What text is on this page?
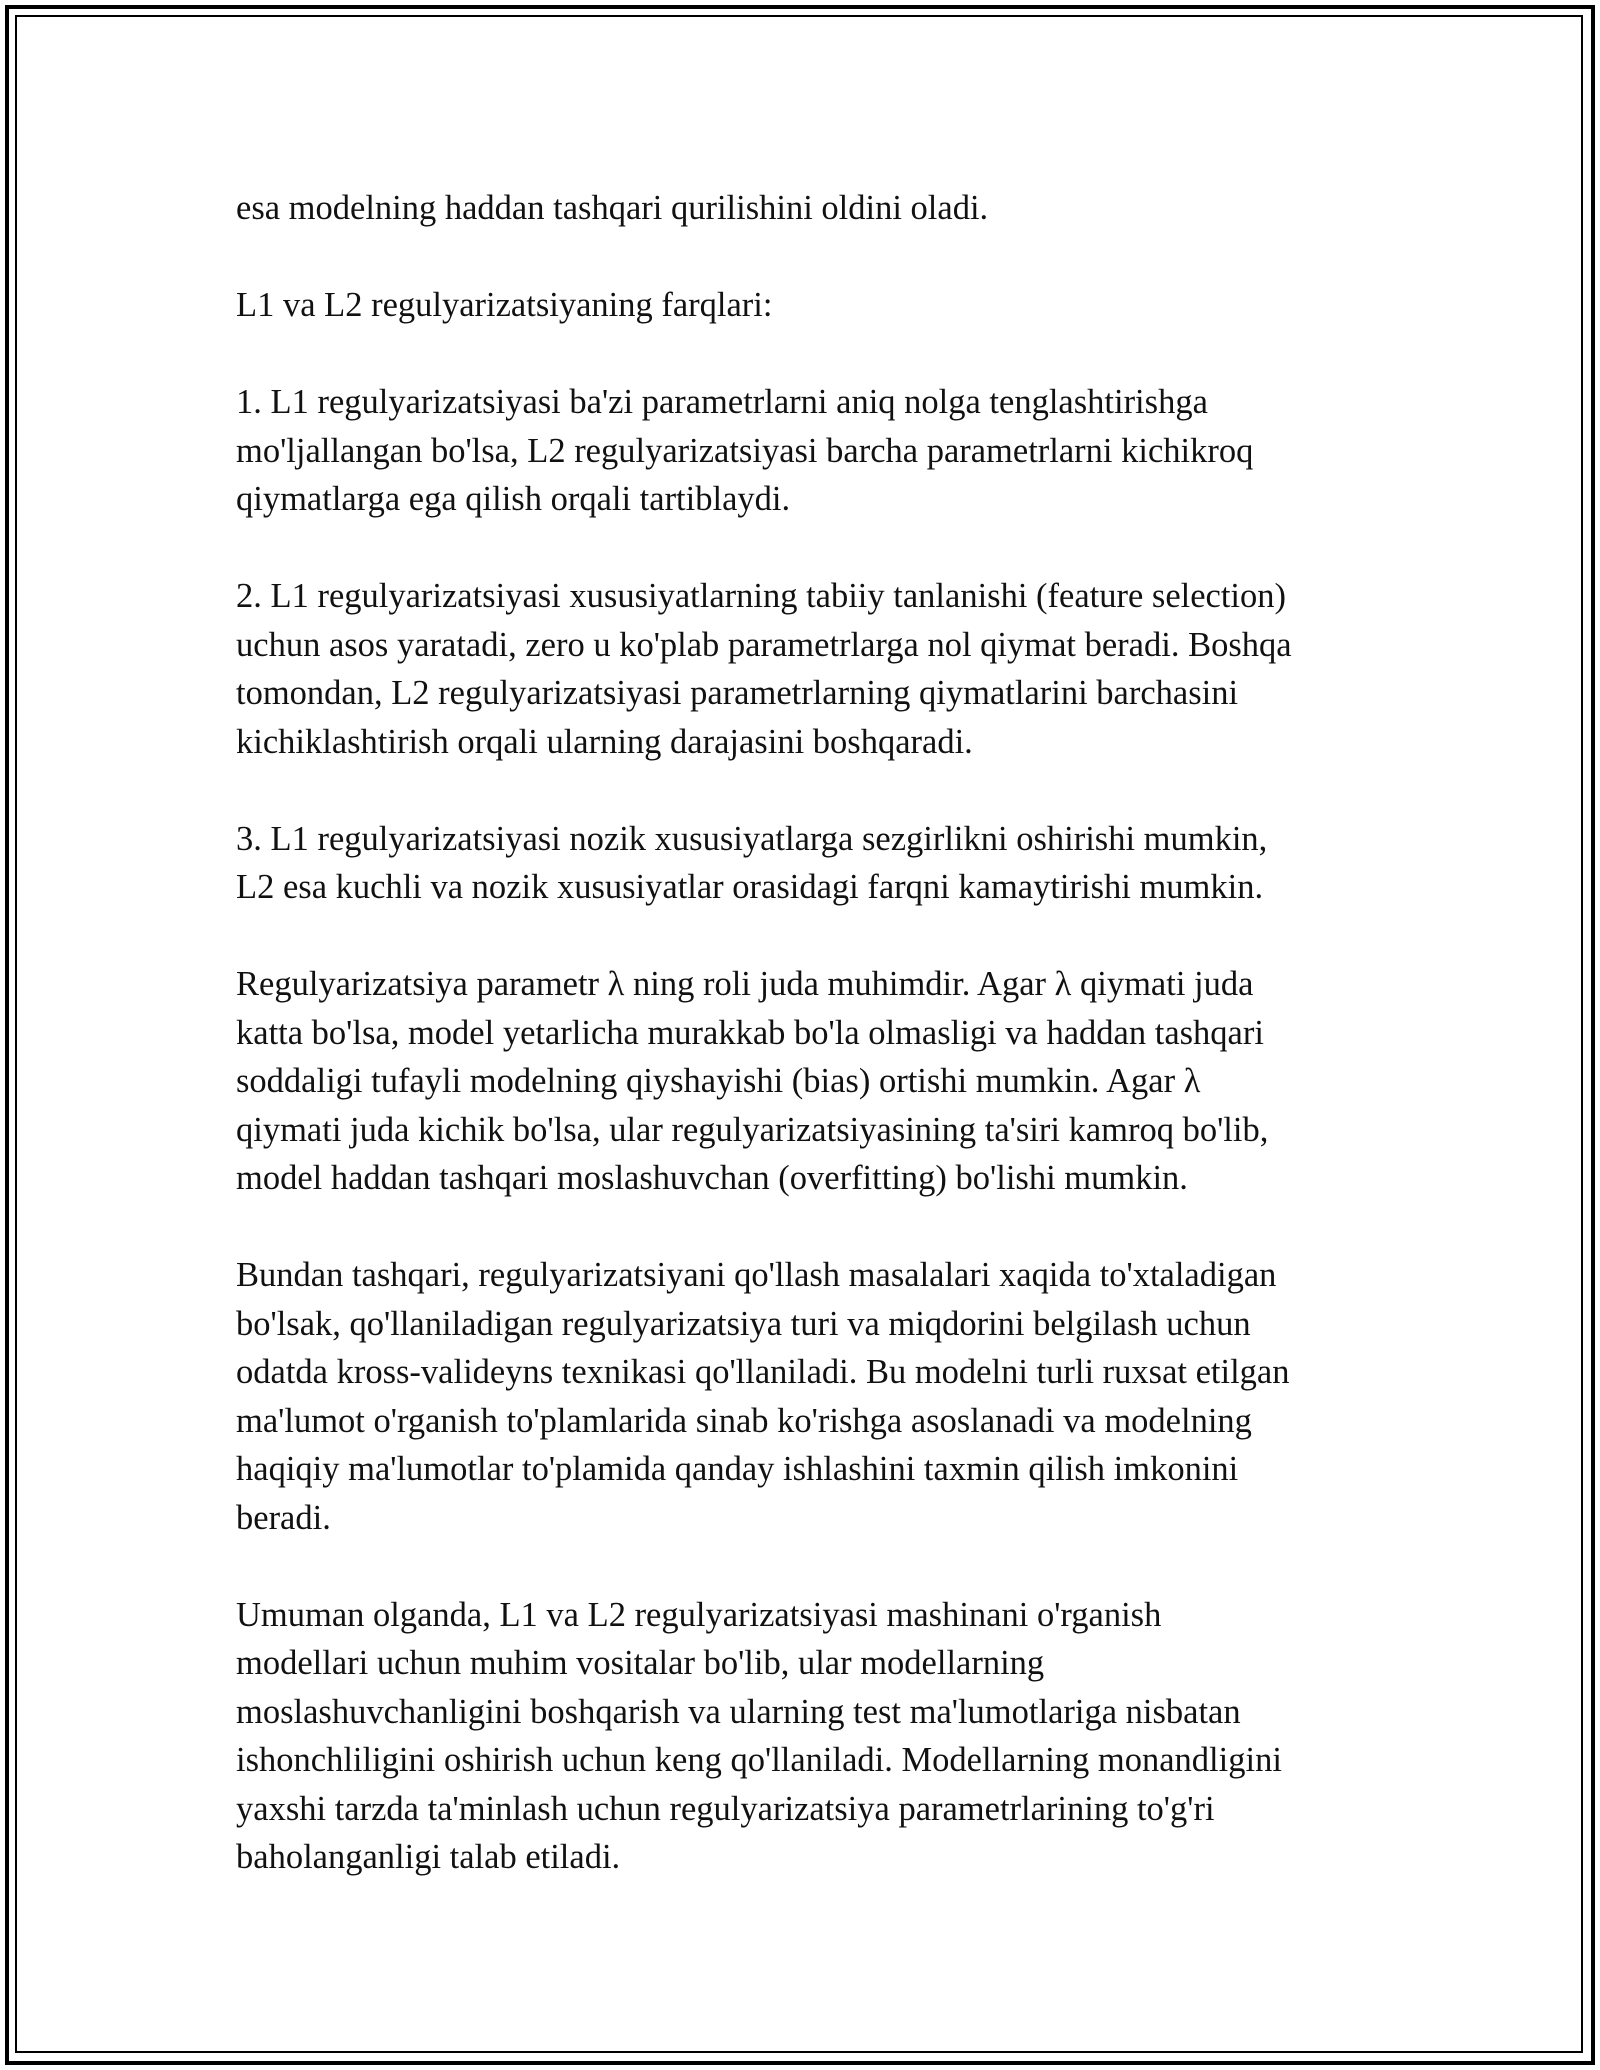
esa modelning haddan tashqari qurilishini oldini oladi.

L1 va L2 regulyarizatsiyaning farqlari:

1. L1 regulyarizatsiyasi ba'zi parametrlarni aniq nolga tenglashtirishga
mo'ljallangan bo'lsa, L2 regulyarizatsiyasi barcha parametrlarni kichikroq
qiymatlarga ega qilish orqali tartiblaydi.

2. L1 regulyarizatsiyasi xususiyatlarning tabiiy tanlanishi (feature selection)
uchun asos yaratadi, zero u ko'plab parametrlarga nol qiymat beradi. Boshqa
tomondan, L2 regulyarizatsiyasi parametrlarning qiymatlarini barchasini
kichiklashtirish orqali ularning darajasini boshqaradi.

3. L1 regulyarizatsiyasi nozik xususiyatlarga sezgirlikni oshirishi mumkin,
L2 esa kuchli va nozik xususiyatlar orasidagi farqni kamaytirishi mumkin.

Regulyarizatsiya parametr λ ning roli juda muhimdir. Agar λ qiymati juda
katta bo'lsa, model yetarlicha murakkab bo'la olmasligi va haddan tashqari
soddaligi tufayli modelning qiyshayishi (bias) ortishi mumkin. Agar λ
qiymati juda kichik bo'lsa, ular regulyarizatsiyasining ta'siri kamroq bo'lib,
model haddan tashqari moslashuvchan (overfitting) bo'lishi mumkin.

Bundan tashqari, regulyarizatsiyani qo'llash masalalari xaqida to'xtaladigan
bo'lsak, qo'llaniladigan regulyarizatsiya turi va miqdorini belgilash uchun
odatda kross-valideyns texnikasi qo'llaniladi. Bu modelni turli ruxsat etilgan
ma'lumot o'rganish to'plamlarida sinab ko'rishga asoslanadi va modelning
haqiqiy ma'lumotlar to'plamida qanday ishlashini taxmin qilish imkonini
beradi.

Umuman olganda, L1 va L2 regulyarizatsiyasi mashinani o'rganish
modellari uchun muhim vositalar bo'lib, ular modellarning
moslashuvchanligini boshqarish va ularning test ma'lumotlariga nisbatan
ishonchliligini oshirish uchun keng qo'llaniladi. Modellarning monandligini
yaxshi tarzda ta'minlash uchun regulyarizatsiya parametrlarining to'g'ri
baholanganligi talab etiladi.
